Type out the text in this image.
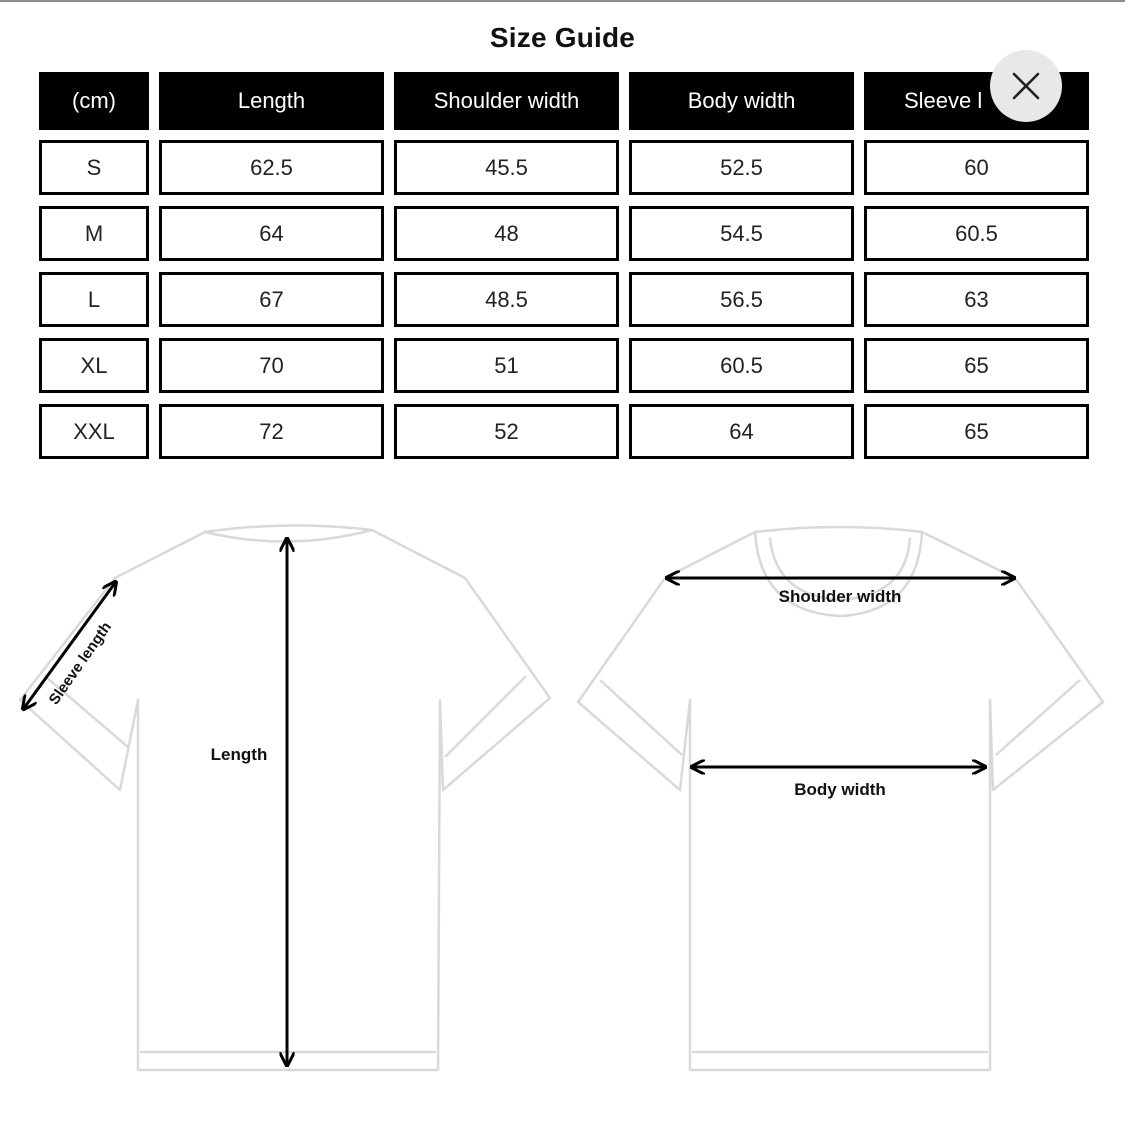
Size Guide
(cm)	Length	Shoulder width	Body width	Sleeve l
S	62.5	45.5	52.5	60
M	64	48	54.5	60.5
L	67	48.5	56.5	63
XL	70	51	60.5	65
XXL	72	52	64	65
Sleeve length
Length
Shoulder width
Body width
